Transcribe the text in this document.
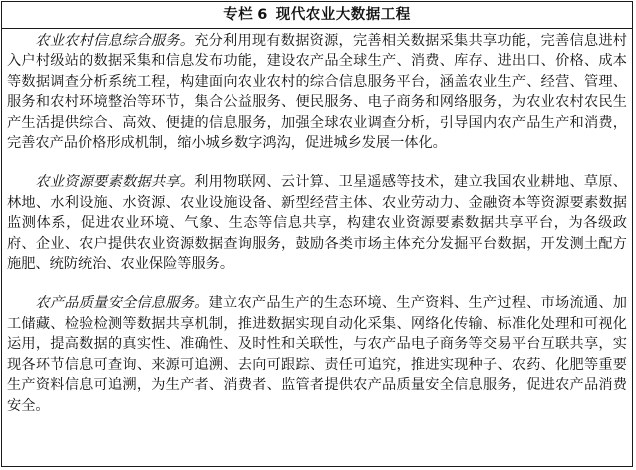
专栏 6 现代农业大数据工程

农业农村信息综合服务。充分利用现有数据资源，完善相关数据采集共享功能，完善信息进村入户村级站的数据采集和信息发布功能，建设农产品全球生产、消费、库存、进出口、价格、成本等数据调查分析系统工程，构建面向农业农村的综合信息服务平台，涵盖农业生产、经营、管理、服务和农村环境整治等环节，集合公益服务、便民服务、电子商务和网络服务，为农业农村农民生产生活提供综合、高效、便捷的信息服务，加强全球农业调查分析，引导国内农产品生产和消费，完善农产品价格形成机制，缩小城乡数字鸿沟，促进城乡发展一体化。

农业资源要素数据共享。利用物联网、云计算、卫星遥感等技术，建立我国农业耕地、草原、林地、水利设施、水资源、农业设施设备、新型经营主体、农业劳动力、金融资本等资源要素数据监测体系，促进农业环境、气象、生态等信息共享，构建农业资源要素数据共享平台，为各级政府、企业、农户提供农业资源数据查询服务，鼓励各类市场主体充分发掘平台数据，开发测土配方施肥、统防统治、农业保险等服务。

农产品质量安全信息服务。建立农产品生产的生态环境、生产资料、生产过程、市场流通、加工储藏、检验检测等数据共享机制，推进数据实现自动化采集、网络化传输、标准化处理和可视化运用，提高数据的真实性、准确性、及时性和关联性，与农产品电子商务等交易平台互联共享，实现各环节信息可查询、来源可追溯、去向可跟踪、责任可追究，推进实现种子、农药、化肥等重要生产资料信息可追溯，为生产者、消费者、监管者提供农产品质量安全信息服务，促进农产品消费安全。
